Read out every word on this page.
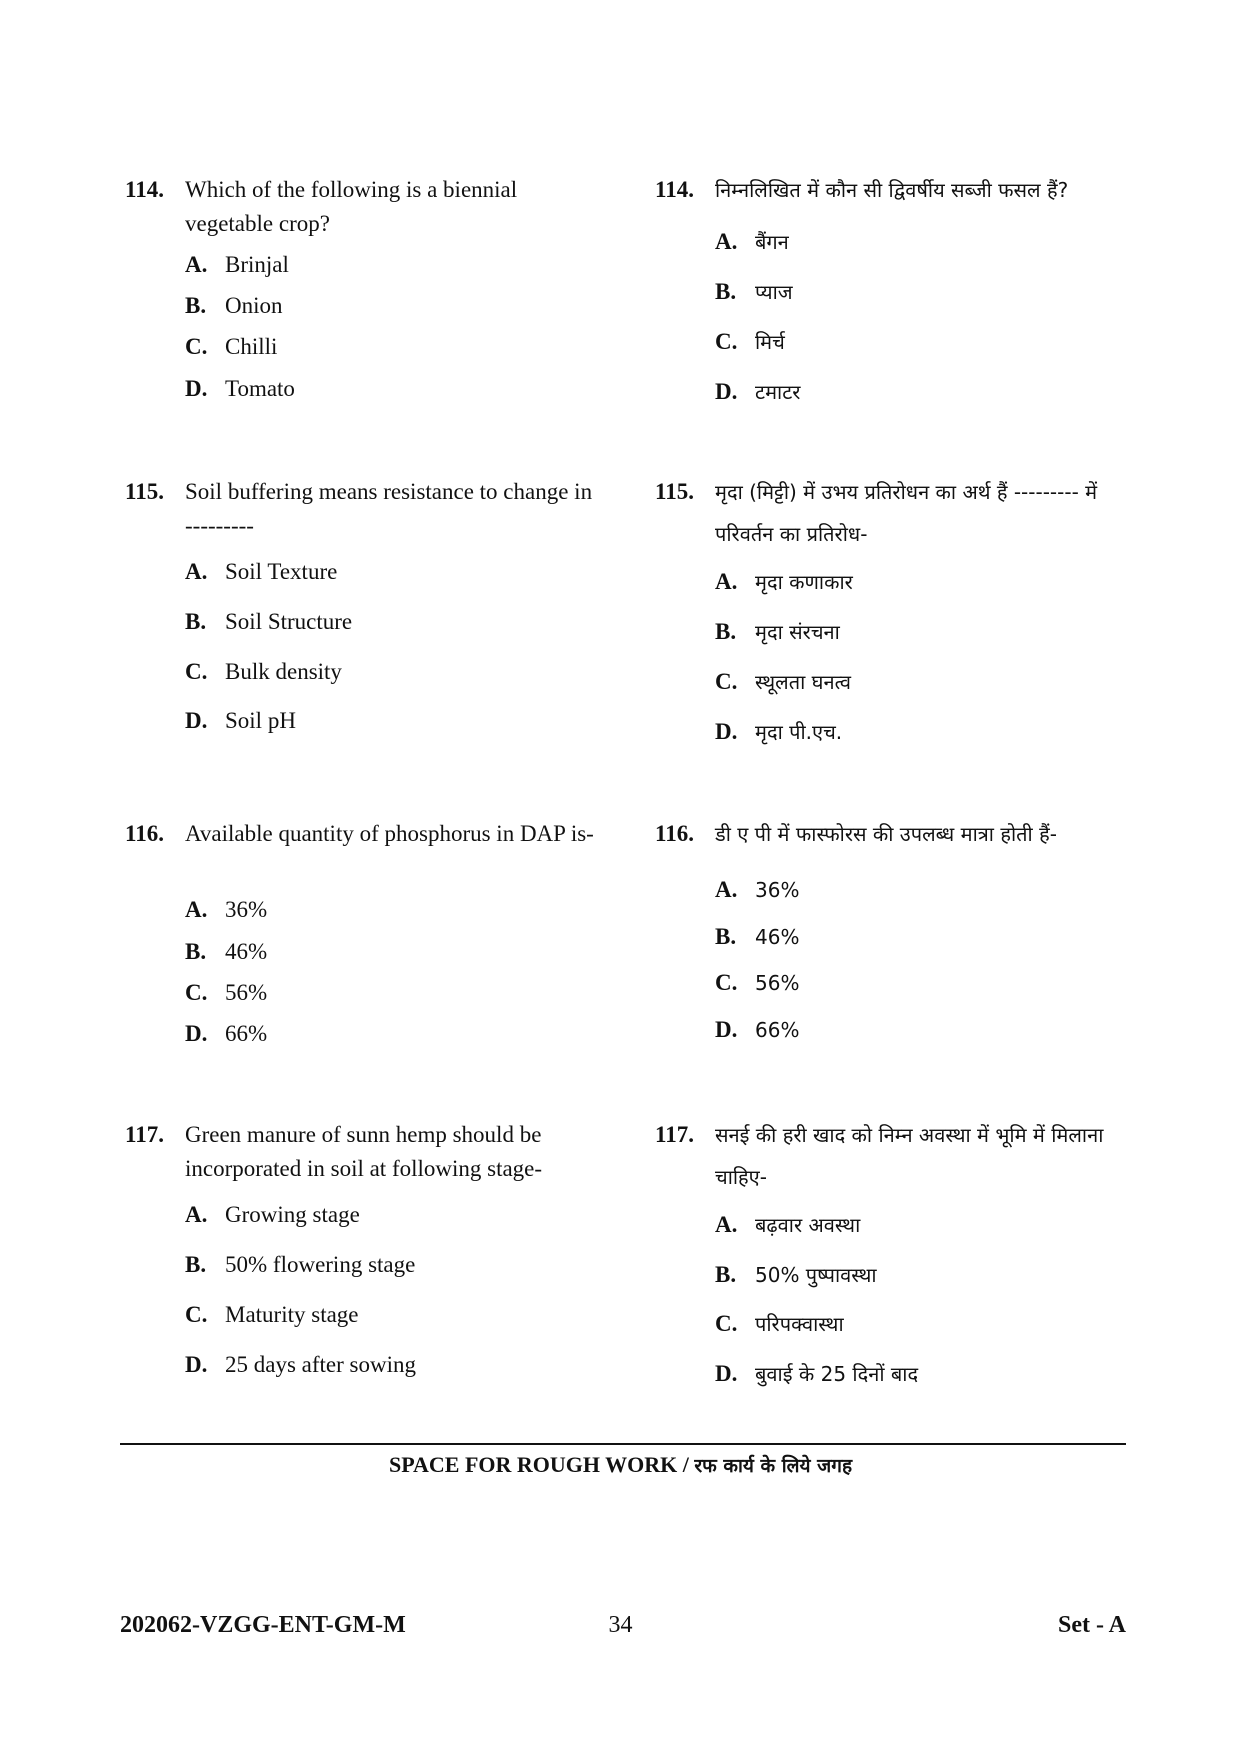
114. Which of the following is a biennial vegetable crop?
A. Brinjal
B. Onion
C. Chilli
D. Tomato
114. निम्नलिखित में कौन सी द्विवर्षीय सब्जी फसल हैं?
A. बैंगन
B. प्याज
C. मिर्च
D. टमाटर
115. Soil buffering means resistance to change in ---------
A. Soil Texture
B. Soil Structure
C. Bulk density
D. Soil pH
115. मृदा (मिट्टी) में उभय प्रतिरोधन का अर्थ हैं --------- में परिवर्तन का प्रतिरोध-
A. मृदा कणाकार
B. मृदा संरचना
C. स्थूलता घनत्व
D. मृदा पी.एच.
116. Available quantity of phosphorus in DAP is-
A. 36%
B. 46%
C. 56%
D. 66%
116. डी ए पी में फास्फोरस की उपलब्ध मात्रा होती हैं-
A. 36%
B. 46%
C. 56%
D. 66%
117. Green manure of sunn hemp should be incorporated in soil at following stage-
A. Growing stage
B. 50% flowering stage
C. Maturity stage
D. 25 days after sowing
117. सनई की हरी खाद को निम्न अवस्था में भूमि में मिलाना चाहिए-
A. बढ़वार अवस्था
B. 50% पुष्पावस्था
C. परिपक्वास्था
D. बुवाई के 25 दिनों बाद
SPACE FOR ROUGH WORK / रफ कार्य के लिये जगह
202062-VZGG-ENT-GM-M	34	Set - A
